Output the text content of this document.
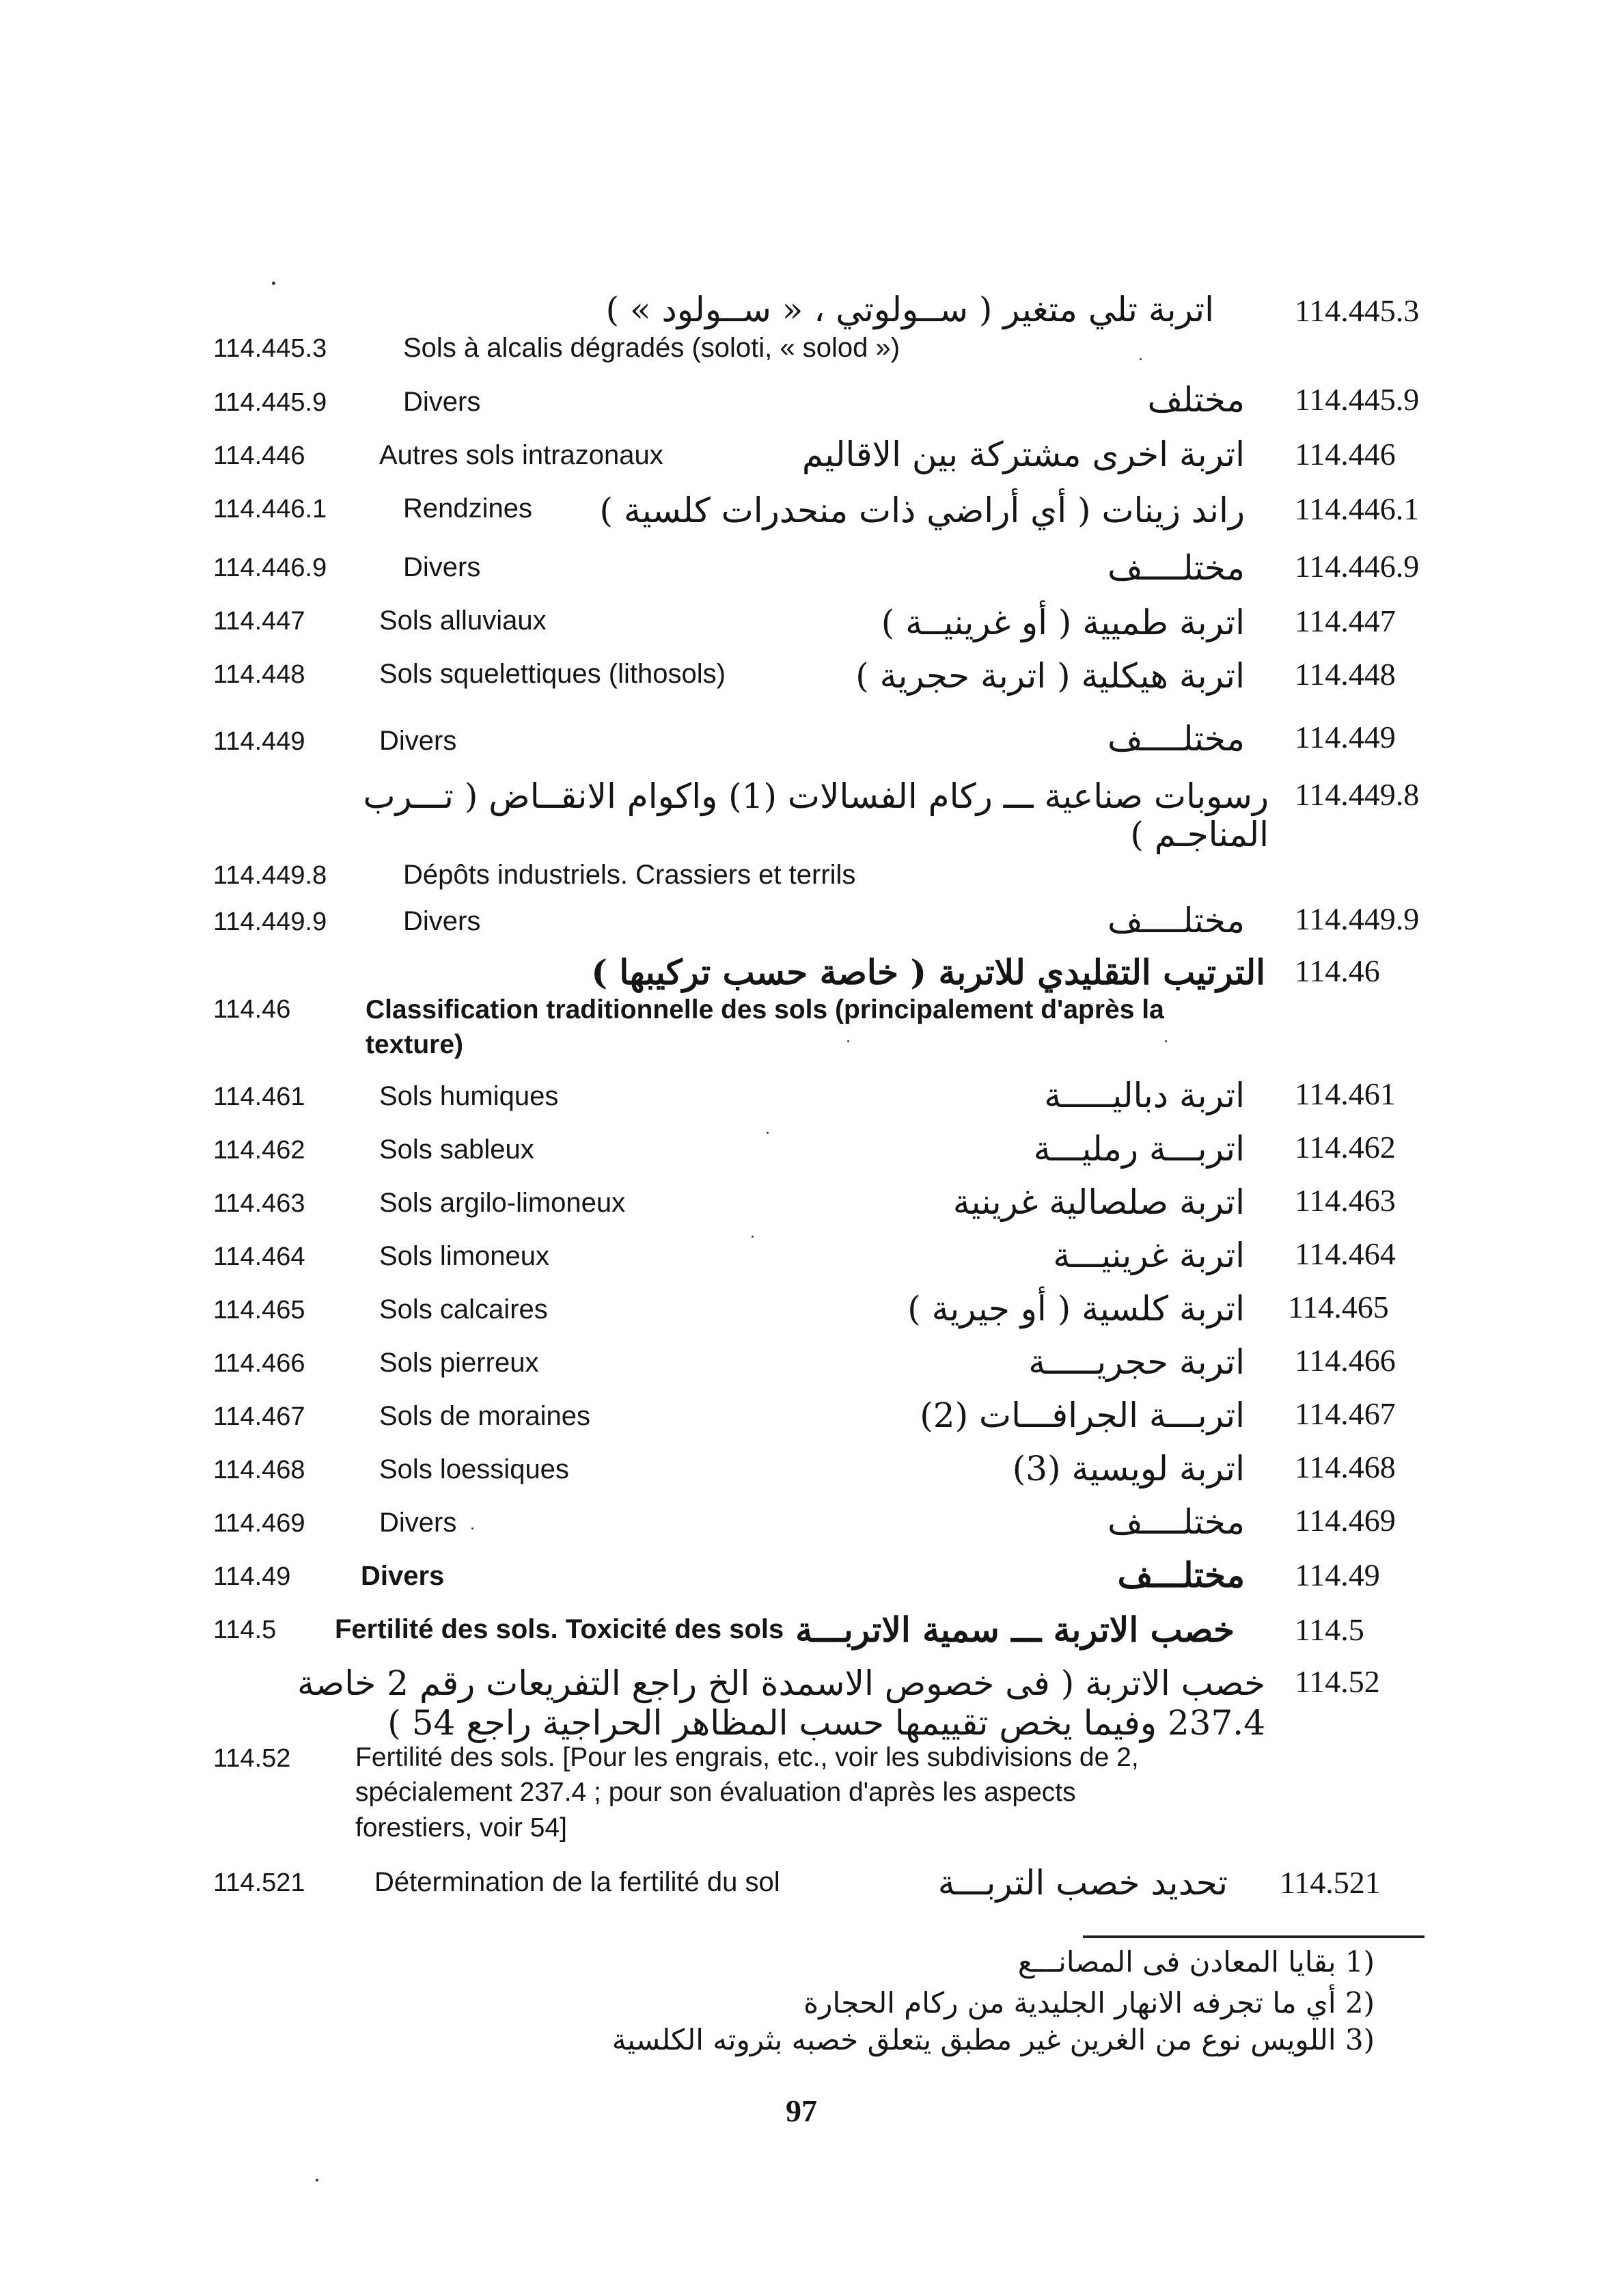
اتربة تلي متغير ( ســولوتي ، « ســولود » )	114.445.3
114.445.3	Sols à alcalis dégradés (soloti, « solod »)
114.445.9	Divers	مختلف 114.445.9
114.446	Autres sols intrazonaux	اتربة اخرى مشتركة بين الاقاليم 114.446
114.446.1	Rendzines راند زينات ( أي أراضي ذات منحدرات كلسية ) 114.446.1
114.446.9	Divers	مختلــــف 114.446.9
114.447	Sols alluviaux	اتربة طميية ( أو غرينيــة ) 114.447
114.448	Sols squelettiques (lithosols)	اتربة هيكلية ( اتربة حجرية ) 114.448
114.449	Divers	مختلــــف 114.449
رسوبات صناعية ـــ ركام الفسالات (1) واكوام الانقــاض ( تـــرب 114.449.8
المناجـم )
114.449.8	Dépôts industriels. Crassiers et terrils
114.449.9	Divers	مختلــــف 114.449.9
الترتيب التقليدي للاتربة ( خاصة حسب تركيبها ) 114.46
114.46	Classification traditionnelle des sols (principalement d'après la texture)
114.461	Sols humiques	اتربة دباليـــــة 114.461
114.462	Sols sableux	اتربـــة رمليـــة 114.462
114.463	Sols argilo-limoneux	اتربة صلصالية غرينية 114.463
114.464	Sols limoneux	اتربة غرينيـــة 114.464
114.465	Sols calcaires	اتربة كلسية ( أو جيرية ) 114.465
114.466	Sols pierreux	اتربة حجريـــــة 114.466
114.467	Sols de moraines	اتربـــة الجرافـــات (2) 114.467
114.468	Sols loessiques	اتربة لويسية (3) 114.468
114.469	Divers	مختلــــف 114.469
114.49	Divers	مختلـــف 114.49
114.5 Fertilité des sols. Toxicité des sols خصب الاتربة ـــ سمية الاتربـــة 114.5
خصب الاتربة ( فى خصوص الاسمدة الخ راجع التفريعات رقم 2 خاصة 114.52
237.4 وفيما يخص تقييمها حسب المظاهر الحراجية راجع 54 )
114.52 Fertilité des sols. [Pour les engrais, etc., voir les subdivisions de 2, spécialement 237.4 ; pour son évaluation d'après les aspects forestiers, voir 54]
114.521	Détermination de la fertilité du sol	تحديد خصب التربـــة 114.521
(1 بقايا المعادن فى المصانـــع
(2 أي ما تجرفه الانهار الجليدية من ركام الحجارة
(3 اللويس نوع من الغرين غير مطبق يتعلق خصبه بثروته الكلسية
97
